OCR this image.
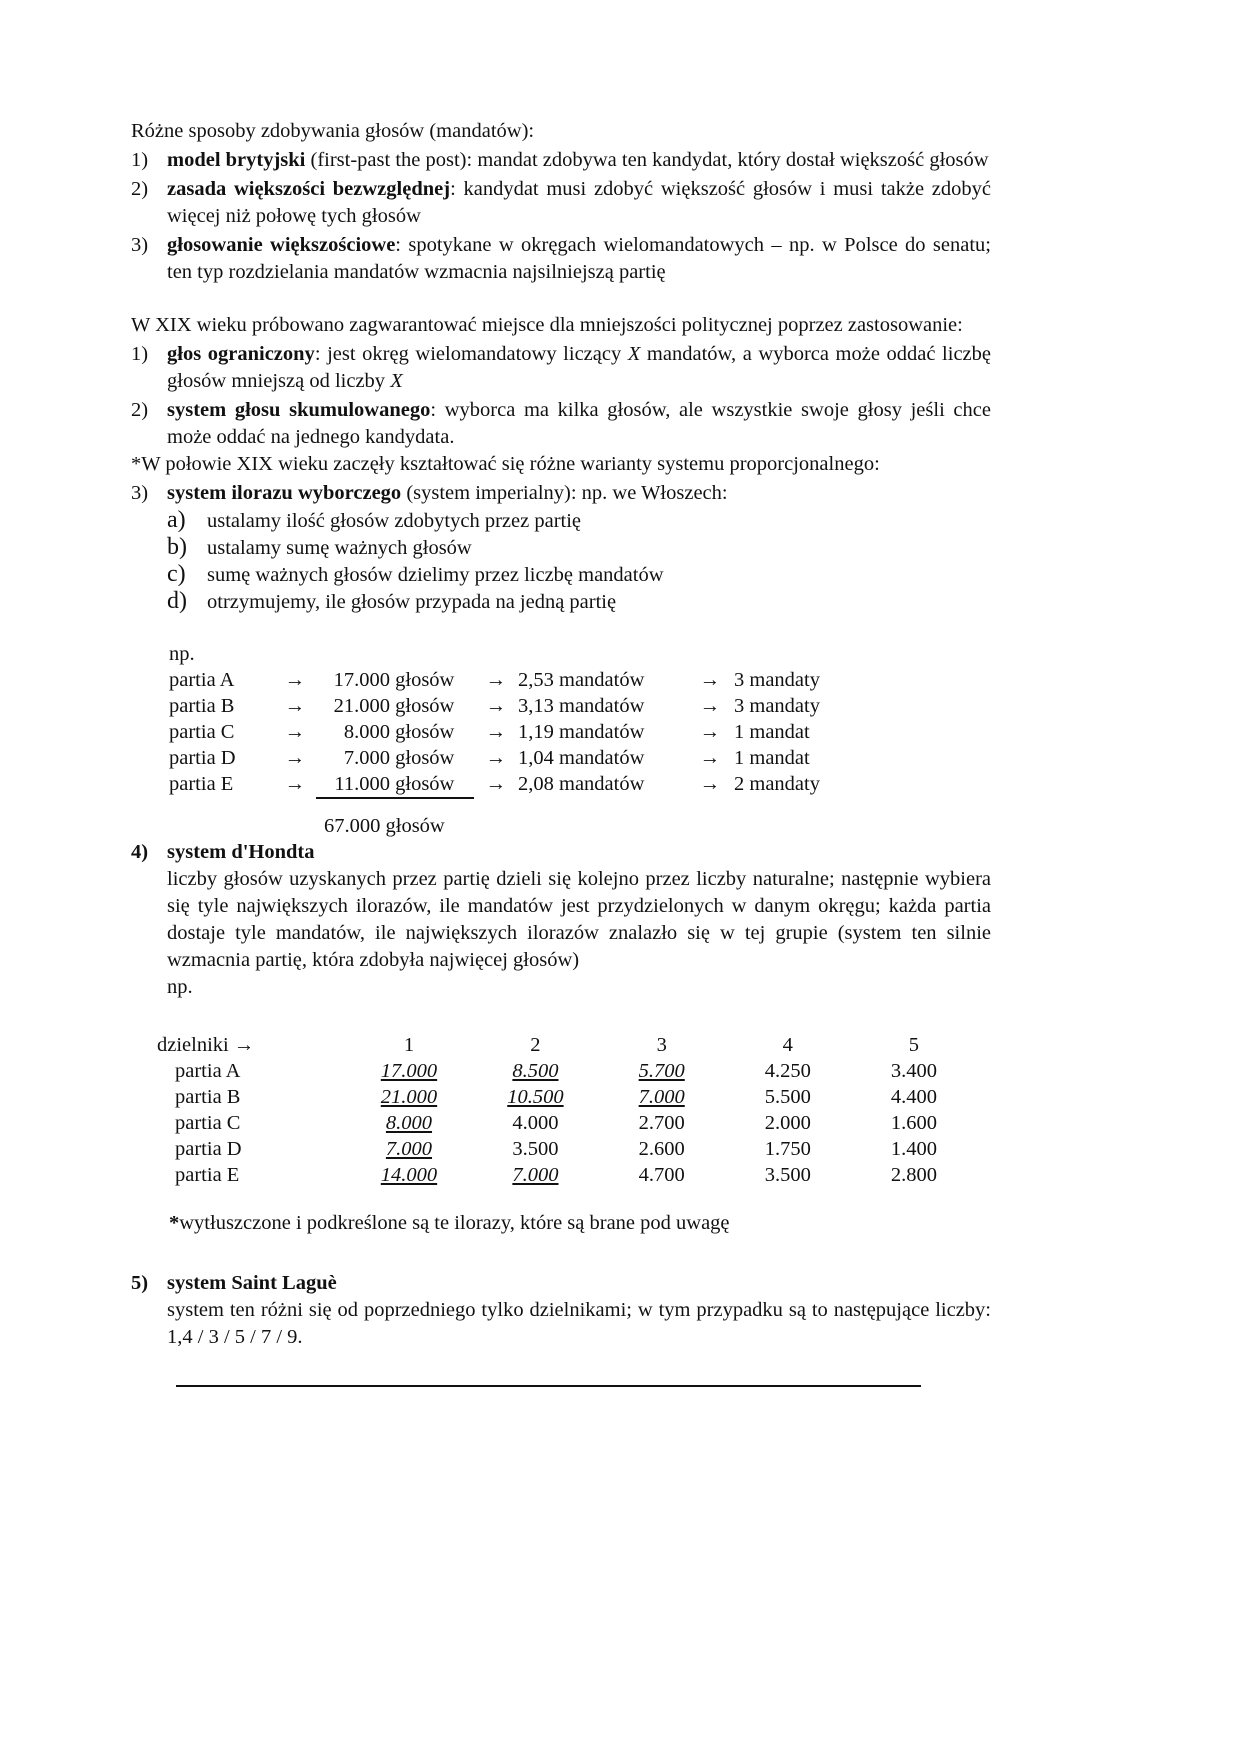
Różne sposoby zdobywania głosów (mandatów):

1) model brytyjski (first-past the post): mandat zdobywa ten kandydat, który dostał większość głosów
2) zasada większości bezwzględnej: kandydat musi zdobyć większość głosów i musi także zdobyć więcej niż połowę tych głosów
3) głosowanie większościowe: spotykane w okręgach wielomandatowych – np. w Polsce do senatu; ten typ rozdzielania mandatów wzmacnia najsilniejszą partię

W XIX wieku próbowano zagwarantować miejsce dla mniejszości politycznej poprzez zastosowanie:

1) głos ograniczony: jest okręg wielomandatowy liczący X mandatów, a wyborca może oddać liczbę głosów mniejszą od liczby X
2) system głosu skumulowanego: wyborca ma kilka głosów, ale wszystkie swoje głosy jeśli chce może oddać na jednego kandydata.

*W połowie XIX wieku zaczęły kształtować się różne warianty systemu proporcjonalnego:

3) system ilorazu wyborczego (system imperialny): np. we Włoszech:
a)	ustalamy ilość głosów zdobytych przez partię
b) ustalamy sumę ważnych głosów
c)	sumę ważnych głosów dzielimy przez liczbę mandatów
d) otrzymujemy, ile głosów przypada na jedną partię
np.
partia A	→	17.000 głosów	→	2,53 mandatów	→	3 mandaty
partia B	→	21.000 głosów	→	3,13 mandatów	→	3 mandaty
partia C	→	8.000 głosów	→	1,19 mandatów	→	1 mandat
partia D	→	7.000 głosów	→	1,04 mandatów	→	1 mandat
partia E	→	11.000 głosów	→	2,08 mandatów	→	2 mandaty
67.000 głosów
4) system d'Hondta
liczby głosów uzyskanych przez partię dzieli się kolejno przez liczby naturalne; następnie wybiera się tyle największych ilorazów, ile mandatów jest przydzielonych w danym okręgu; każda partia dostaje tyle mandatów, ile największych ilorazów znalazło się w tej grupie (system ten silnie wzmacnia partię, która zdobyła najwięcej głosów)
np.
dzielniki →	1	2	3	4	5
partia A	17.000	8.500	5.700	4.250	3.400
partia B	21.000	10.500	7.000	5.500	4.400
partia C	8.000	4.000	2.700	2.000	1.600
partia D	7.000	3.500	2.600	1.750	1.400
partia E	14.000	7.000	4.700	3.500	2.800
*wytłuszczone i podkreślone są te ilorazy, które są brane pod uwagę
5) system Saint Laguè
system ten różni się od poprzedniego tylko dzielnikami; w tym przypadku są to następujące liczby: 1,4 / 3 / 5 / 7 / 9.
